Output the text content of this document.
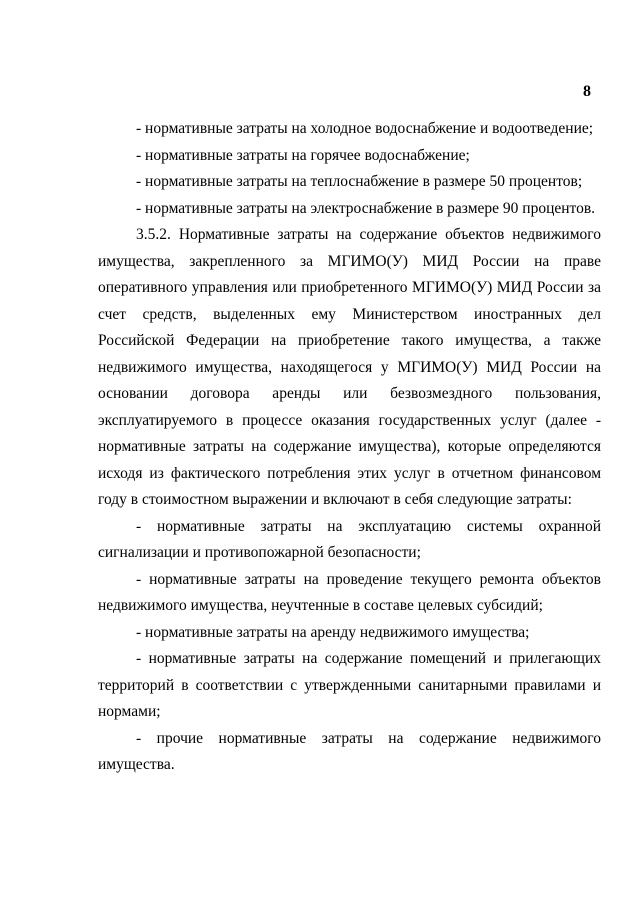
8

- нормативные затраты на холодное водоснабжение и водоотведение;

- нормативные затраты на горячее водоснабжение;

- нормативные затраты на теплоснабжение в размере 50 процентов;

- нормативные затраты на электроснабжение в размере 90 процентов.

3.5.2. Нормативные затраты на содержание объектов недвижимого имущества, закрепленного за МГИМО(У) МИД России на праве оперативного управления или приобретенного МГИМО(У) МИД России за счет средств, выделенных ему Министерством иностранных дел Российской Федерации на приобретение такого имущества, а также недвижимого имущества, находящегося у МГИМО(У) МИД России на основании договора аренды или безвозмездного пользования, эксплуатируемого в процессе оказания государственных услуг (далее - нормативные затраты на содержание имущества), которые определяются исходя из фактического потребления этих услуг в отчетном финансовом году в стоимостном выражении и включают в себя следующие затраты:

- нормативные затраты на эксплуатацию системы охранной сигнализации и противопожарной безопасности;

- нормативные затраты на проведение текущего ремонта объектов недвижимого имущества, неучтенные в составе целевых субсидий;

- нормативные затраты на аренду недвижимого имущества;

- нормативные затраты на содержание помещений и прилегающих территорий в соответствии с утвержденными санитарными правилами и нормами;

- прочие нормативные затраты на содержание недвижимого имущества.
